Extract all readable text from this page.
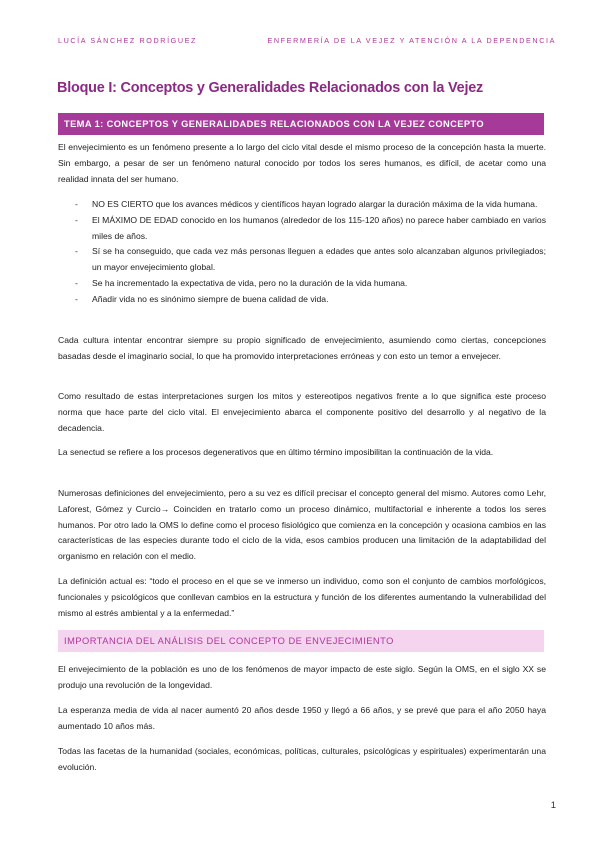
LUCÍA SÁNCHEZ RODRÍGUEZ	ENFERMERÍA DE LA VEJEZ Y ATENCIÓN A LA DEPENDENCIA
Bloque I: Conceptos y Generalidades Relacionados con la Vejez
TEMA 1: CONCEPTOS Y GENERALIDADES RELACIONADOS CON LA VEJEZ CONCEPTO
El envejecimiento es un fenómeno presente a lo largo del ciclo vital desde el mismo proceso de la concepción hasta la muerte. Sin embargo, a pesar de ser un fenómeno natural conocido por todos los seres humanos, es difícil, de acetar como una realidad innata del ser humano.
- NO ES CIERTO que los avances médicos y científicos hayan logrado alargar la duración máxima de la vida humana.
- El MÁXIMO DE EDAD conocido en los humanos (alrededor de los 115-120 años) no parece haber cambiado en varios miles de años.
- Sí se ha conseguido, que cada vez más personas lleguen a edades que antes solo alcanzaban algunos privilegiados; un mayor envejecimiento global.
- Se ha incrementado la expectativa de vida, pero no la duración de la vida humana.
- Añadir vida no es sinónimo siempre de buena calidad de vida.
Cada cultura intentar encontrar siempre su propio significado de envejecimiento, asumiendo como ciertas, concepciones basadas desde el imaginario social, lo que ha promovido interpretaciones erróneas y con esto un temor a envejecer.
Como resultado de estas interpretaciones surgen los mitos y estereotipos negativos frente a lo que significa este proceso norma que hace parte del ciclo vital. El envejecimiento abarca el componente positivo del desarrollo y al negativo de la decadencia.
La senectud se refiere a los procesos degenerativos que en último término imposibilitan la continuación de la vida.
Numerosas definiciones del envejecimiento, pero a su vez es difícil precisar el concepto general del mismo. Autores como Lehr, Laforest, Gómez y Curcio→ Coinciden en tratarlo como un proceso dinámico, multifactorial e inherente a todos los seres humanos. Por otro lado la OMS lo define como el proceso fisiológico que comienza en la concepción y ocasiona cambios en las características de las especies durante todo el ciclo de la vida, esos cambios producen una limitación de la adaptabilidad del organismo en relación con el medio.
La definición actual es: “todo el proceso en el que se ve inmerso un individuo, como son el conjunto de cambios morfológicos, funcionales y psicológicos que conllevan cambios en la estructura y función de los diferentes aumentando la vulnerabilidad del mismo al estrés ambiental y a la enfermedad.”
IMPORTANCIA DEL ANÁLISIS DEL CONCEPTO DE ENVEJECIMIENTO
El envejecimiento de la población es uno de los fenómenos de mayor impacto de este siglo. Según la OMS, en el siglo XX se produjo una revolución de la longevidad.
La esperanza media de vida al nacer aumentó 20 años desde 1950 y llegó a 66 años, y se prevé que para el año 2050 haya aumentado 10 años más.
Todas las facetas de la humanidad (sociales, económicas, políticas, culturales, psicológicas y espirituales) experimentarán una evolución.
1
